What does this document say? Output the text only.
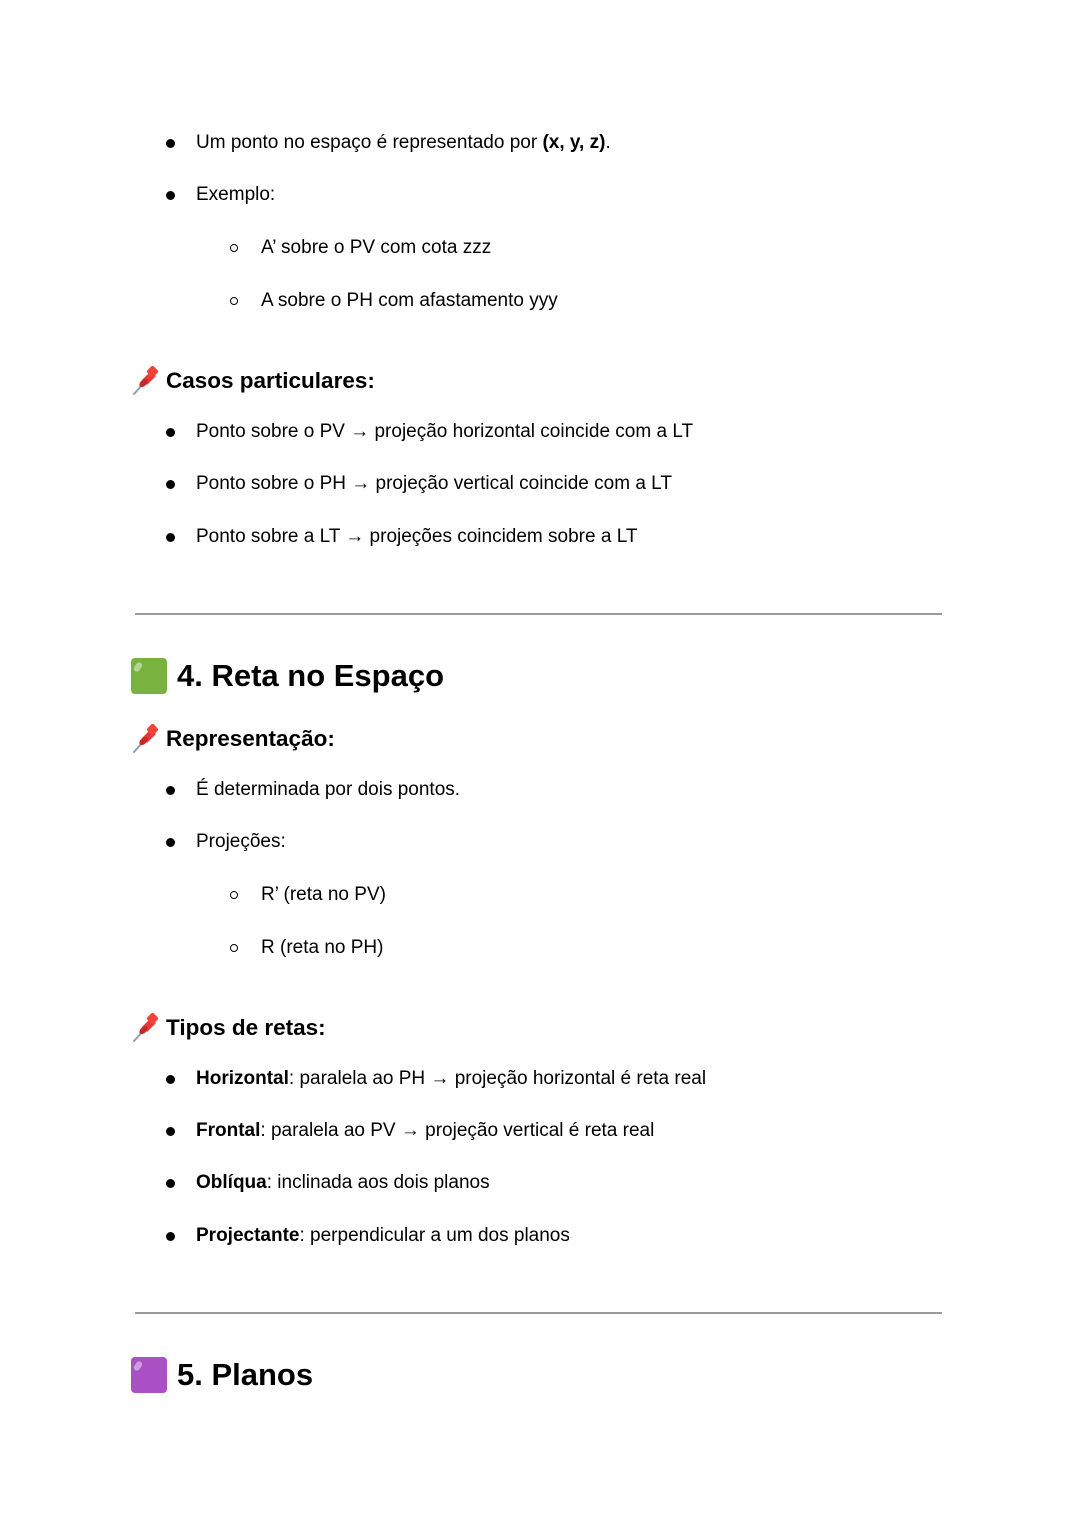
Um ponto no espaço é representado por (x, y, z).
Exemplo:
A’ sobre o PV com cota zzz
A sobre o PH com afastamento yyy
Casos particulares:
Ponto sobre o PV → projeção horizontal coincide com a LT
Ponto sobre o PH → projeção vertical coincide com a LT
Ponto sobre a LT → projeções coincidem sobre a LT
4. Reta no Espaço
Representação:
É determinada por dois pontos.
Projeções:
R’ (reta no PV)
R (reta no PH)
Tipos de retas:
Horizontal: paralela ao PH → projeção horizontal é reta real
Frontal: paralela ao PV → projeção vertical é reta real
Oblíqua: inclinada aos dois planos
Projectante: perpendicular a um dos planos
5. Planos
